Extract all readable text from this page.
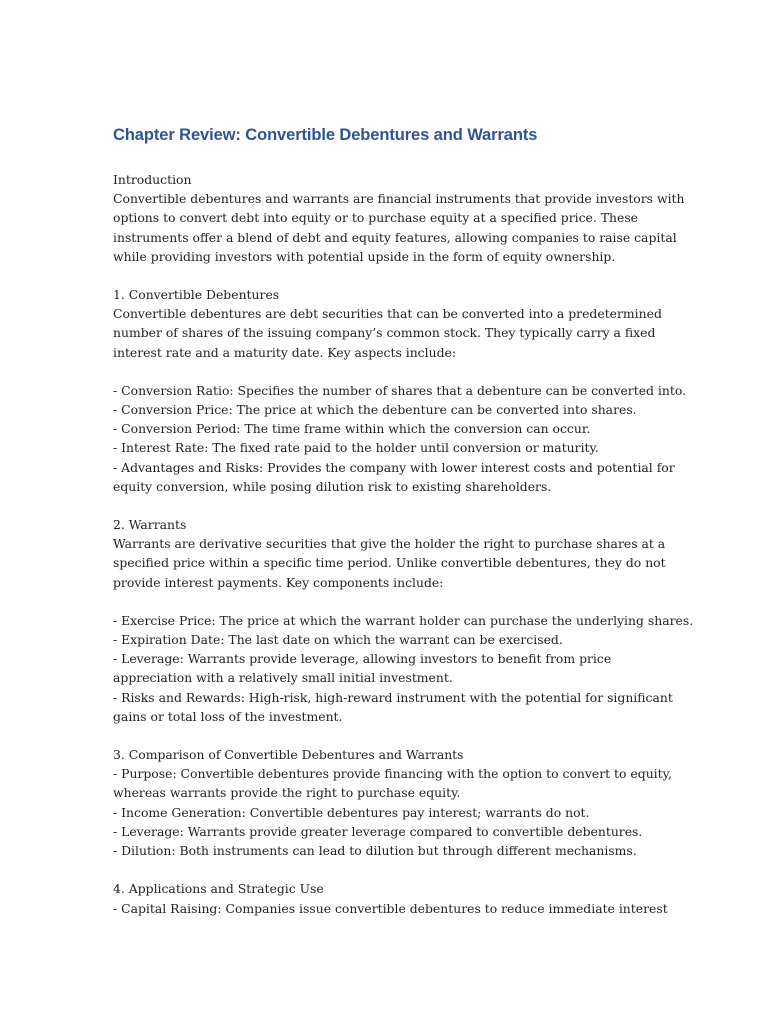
Chapter Review: Convertible Debentures and Warrants
Introduction
Convertible debentures and warrants are financial instruments that provide investors with
options to convert debt into equity or to purchase equity at a specified price. These
instruments offer a blend of debt and equity features, allowing companies to raise capital
while providing investors with potential upside in the form of equity ownership.
1. Convertible Debentures
Convertible debentures are debt securities that can be converted into a predetermined
number of shares of the issuing company’s common stock. They typically carry a fixed
interest rate and a maturity date. Key aspects include:
- Conversion Ratio: Specifies the number of shares that a debenture can be converted into.
- Conversion Price: The price at which the debenture can be converted into shares.
- Conversion Period: The time frame within which the conversion can occur.
- Interest Rate: The fixed rate paid to the holder until conversion or maturity.
- Advantages and Risks: Provides the company with lower interest costs and potential for
equity conversion, while posing dilution risk to existing shareholders.
2. Warrants
Warrants are derivative securities that give the holder the right to purchase shares at a
specified price within a specific time period. Unlike convertible debentures, they do not
provide interest payments. Key components include:
- Exercise Price: The price at which the warrant holder can purchase the underlying shares.
- Expiration Date: The last date on which the warrant can be exercised.
- Leverage: Warrants provide leverage, allowing investors to benefit from price
appreciation with a relatively small initial investment.
- Risks and Rewards: High-risk, high-reward instrument with the potential for significant
gains or total loss of the investment.
3. Comparison of Convertible Debentures and Warrants
- Purpose: Convertible debentures provide financing with the option to convert to equity,
whereas warrants provide the right to purchase equity.
- Income Generation: Convertible debentures pay interest; warrants do not.
- Leverage: Warrants provide greater leverage compared to convertible debentures.
- Dilution: Both instruments can lead to dilution but through different mechanisms.
4. Applications and Strategic Use
- Capital Raising: Companies issue convertible debentures to reduce immediate interest
